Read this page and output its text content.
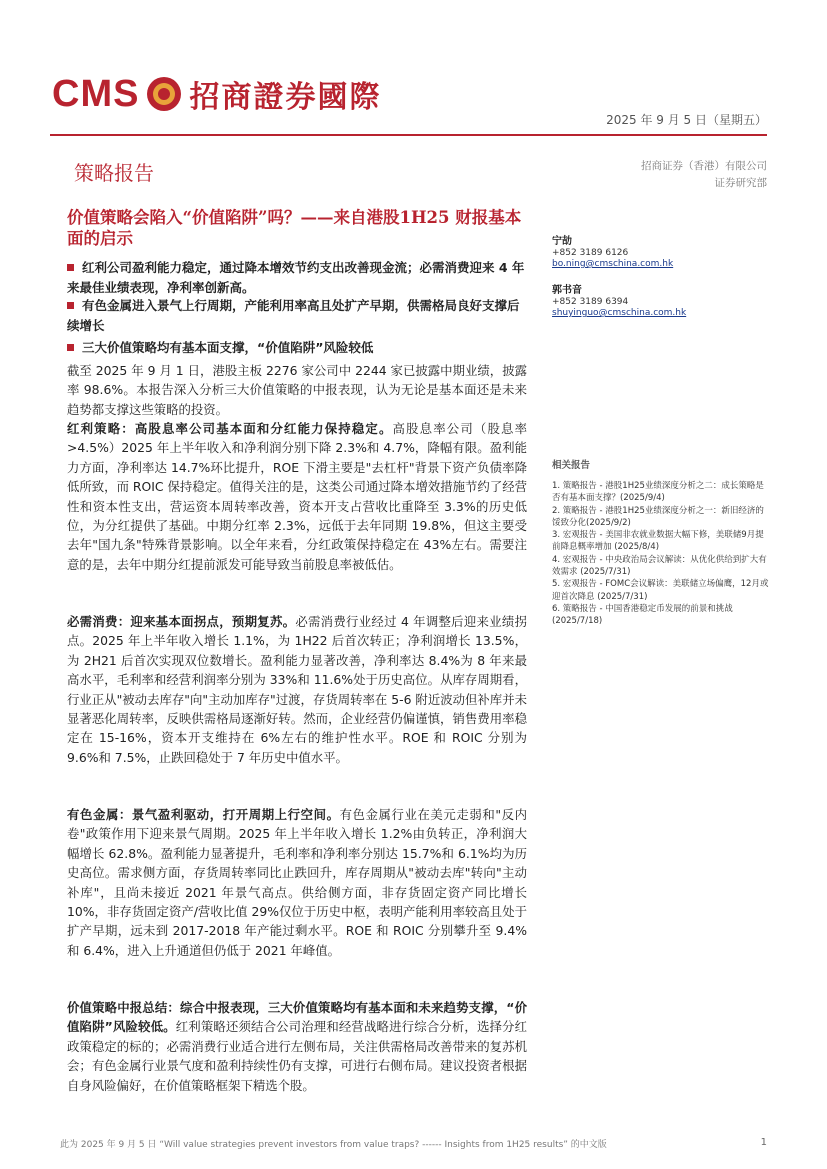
CMS 招商證券國際
2025 年 9 月 5 日（星期五）
策略报告	招商证券（香港）有限公司
证券研究部
价值策略会陷入“价值陷阱”吗？——来自港股1H25 财报基本面的启示
红利公司盈利能力稳定，通过降本增效节约支出改善现金流；必需消费迎来 4 年来最佳业绩表现，净利率创新高。
有色金属进入景气上行周期，产能利用率高且处扩产早期，供需格局良好支撑后续增长
三大价值策略均有基本面支撑，“价值陷阱”风险较低
截至 2025 年 9 月 1 日，港股主板 2276 家公司中 2244 家已披露中期业绩，披露率 98.6%。本报告深入分析三大价值策略的中报表现，认为无论是基本面还是未来趋势都支撑这些策略的投资。
红利策略：高股息率公司基本面和分红能力保持稳定。高股息率公司（股息率>4.5%）2025 年上半年收入和净利润分别下降 2.3%和 4.7%，降幅有限。盈利能力方面，净利率达 14.7%环比提升，ROE 下滑主要是"去杠杆"背景下资产负债率降低所致，而 ROIC 保持稳定。值得关注的是，这类公司通过降本增效措施节约了经营性和资本性支出，营运资本周转率改善，资本开支占营收比重降至 3.3%的历史低位，为分红提供了基础。中期分红率 2.3%，远低于去年同期 19.8%，但这主要受去年"国九条"特殊背景影响。以全年来看，分红政策保持稳定在 43%左右。需要注意的是，去年中期分红提前派发可能导致当前股息率被低估。
必需消费：迎来基本面拐点，预期复苏。必需消费行业经过 4 年调整后迎来业绩拐点。2025 年上半年收入增长 1.1%，为 1H22 后首次转正；净利润增长 13.5%，为 2H21 后首次实现双位数增长。盈利能力显著改善，净利率达 8.4%为 8 年来最高水平，毛利率和经营利润率分别为 33%和 11.6%处于历史高位。从库存周期看，行业正从"被动去库存"向"主动加库存"过渡，存货周转率在 5-6 附近波动但补库并未显著恶化周转率，反映供需格局逐渐好转。然而，企业经营仍偏谨慎，销售费用率稳定在 15-16%，资本开支维持在 6%左右的维护性水平。ROE 和 ROIC 分别为 9.6%和 7.5%，止跌回稳处于 7 年历史中值水平。
有色金属：景气盈利驱动，打开周期上行空间。有色金属行业在美元走弱和"反内卷"政策作用下迎来景气周期。2025 年上半年收入增长 1.2%由负转正，净利润大幅增长 62.8%。盈利能力显著提升，毛利率和净利率分别达 15.7%和 6.1%均为历史高位。需求侧方面，存货周转率同比止跌回升，库存周期从"被动去库"转向"主动补库"，且尚未接近 2021 年景气高点。供给侧方面，非存货固定资产同比增长 10%，非存货固定资产/营收比值 29%仅位于历史中枢，表明产能利用率较高且处于扩产早期，远未到 2017-2018 年产能过剩水平。ROE 和 ROIC 分别攀升至 9.4%和 6.4%，进入上升通道但仍低于 2021 年峰值。
价值策略中报总结：综合中报表现，三大价值策略均有基本面和未来趋势支撑，“价值陷阱”风险较低。红利策略还须结合公司治理和经营战略进行综合分析，选择分红政策稳定的标的；必需消费行业适合进行左侧布局，关注供需格局改善带来的复苏机会；有色金属行业景气度和盈利持续性仍有支撑，可进行右侧布局。建议投资者根据自身风险偏好，在价值策略框架下精选个股。
宁劼
+852 3189 6126
bo.ning@cmschina.com.hk
郭书音
+852 3189 6394
shuyinguo@cmschina.com.hk
相关报告
1. 策略报告 - 港股1H25业绩深度分析之二：成长策略是否有基本面支撑？(2025/9/4)
2. 策略报告 - 港股1H25业绩深度分析之一：新旧经济的馁致分化(2025/9/2)
3. 宏观报告 - 美国非农就业数据大幅下修，美联储9月提前降息概率增加 (2025/8/4)
4. 宏观报告 - 中央政治局会议解读：从优化供给到扩大有效需求 (2025/7/31)
5. 宏观报告 - FOMC会议解读：美联储立场偏鹰，12月或迎首次降息 (2025/7/31)
6. 策略报告 - 中国香港稳定币发展的前景和挑战 (2025/7/18)
此为 2025 年 9 月 5 日 “Will value strategies prevent investors from value traps? ------ Insights from 1H25 results” 的中文版	1
